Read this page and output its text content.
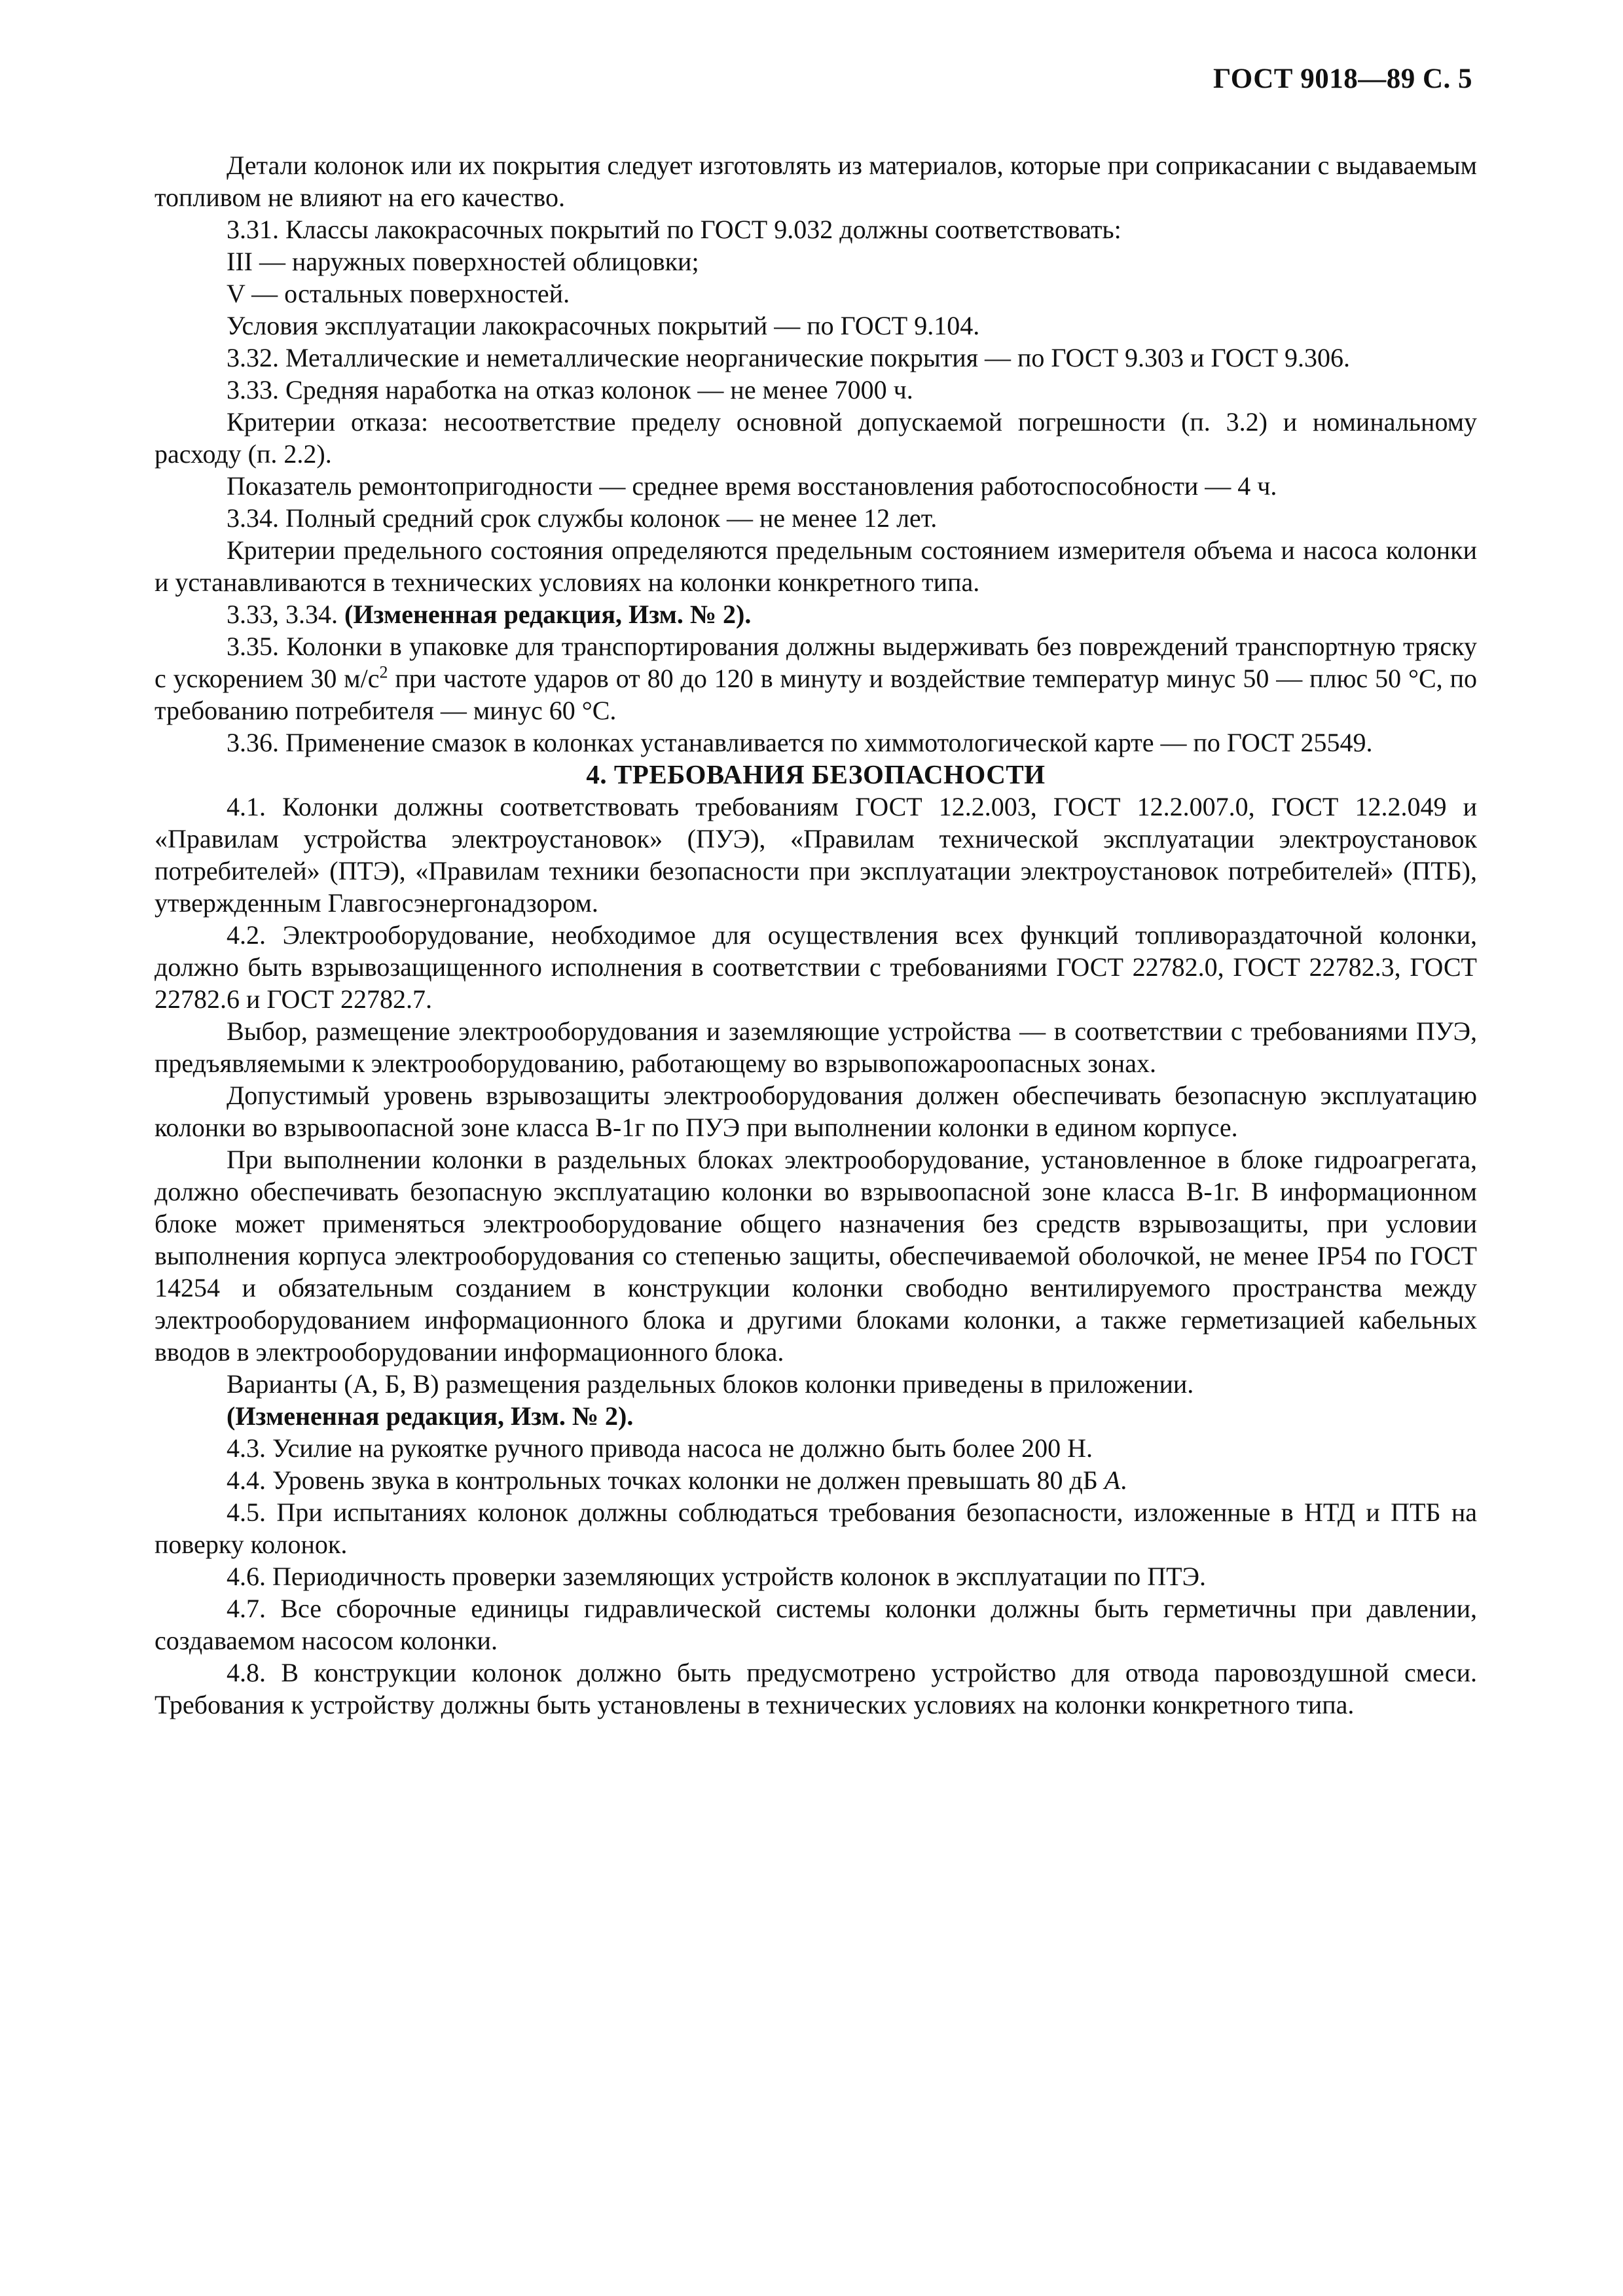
ГОСТ 9018—89 С. 5

Детали колонок или их покрытия следует изготовлять из материалов, которые при соприкасании с выдаваемым топливом не влияют на его качество.

3.31. Классы лакокрасочных покрытий по ГОСТ 9.032 должны соответствовать:

III — наружных поверхностей облицовки;

V — остальных поверхностей.

Условия эксплуатации лакокрасочных покрытий — по ГОСТ 9.104.

3.32. Металлические и неметаллические неорганические покрытия — по ГОСТ 9.303 и ГОСТ 9.306.

3.33. Средняя наработка на отказ колонок — не менее 7000 ч.

Критерии отказа: несоответствие пределу основной допускаемой погрешности (п. 3.2) и номинальному расходу (п. 2.2).

Показатель ремонтопригодности — среднее время восстановления работоспособности — 4 ч.

3.34. Полный средний срок службы колонок — не менее 12 лет.

Критерии предельного состояния определяются предельным состоянием измерителя объема и насоса колонки и устанавливаются в технических условиях на колонки конкретного типа.

3.33, 3.34. (Измененная редакция, Изм. № 2).

3.35. Колонки в упаковке для транспортирования должны выдерживать без повреждений транспортную тряску с ускорением 30 $м/с^2$ при частоте ударов от 80 до 120 в минуту и воздействие температур минус 50 — плюс 50 °С, по требованию потребителя — минус 60 °С.

3.36. Применение смазок в колонках устанавливается по химмотологической карте — по ГОСТ 25549.

4. ТРЕБОВАНИЯ БЕЗОПАСНОСТИ

4.1. Колонки должны соответствовать требованиям ГОСТ 12.2.003, ГОСТ 12.2.007.0, ГОСТ 12.2.049 и «Правилам устройства электроустановок» (ПУЭ), «Правилам технической эксплуатации электроустановок потребителей» (ПТЭ), «Правилам техники безопасности при эксплуатации электроустановок потребителей» (ПТБ), утвержденным Главгосэнергонадзором.

4.2. Электрооборудование, необходимое для осуществления всех функций топливораздаточной колонки, должно быть взрывозащищенного исполнения в соответствии с требованиями ГОСТ 22782.0, ГОСТ 22782.3, ГОСТ 22782.6 и ГОСТ 22782.7.

Выбор, размещение электрооборудования и заземляющие устройства — в соответствии с требованиями ПУЭ, предъявляемыми к электрооборудованию, работающему во взрывопожароопасных зонах.

Допустимый уровень взрывозащиты электрооборудования должен обеспечивать безопасную эксплуатацию колонки во взрывоопасной зоне класса В-1г по ПУЭ при выполнении колонки в едином корпусе.

При выполнении колонки в раздельных блоках электрооборудование, установленное в блоке гидроагрегата, должно обеспечивать безопасную эксплуатацию колонки во взрывоопасной зоне класса В-1г. В информационном блоке может применяться электрооборудование общего назначения без средств взрывозащиты, при условии выполнения корпуса электрооборудования со степенью защиты, обеспечиваемой оболочкой, не менее IP54 по ГОСТ 14254 и обязательным созданием в конструкции колонки свободно вентилируемого пространства между электрооборудованием информационного блока и другими блоками колонки, а также герметизацией кабельных вводов в электрооборудовании информационного блока.

Варианты (А, Б, В) размещения раздельных блоков колонки приведены в приложении.

(Измененная редакция, Изм. № 2).

4.3. Усилие на рукоятке ручного привода насоса не должно быть более 200 Н.

4.4. Уровень звука в контрольных точках колонки не должен превышать 80 дБ А.

4.5. При испытаниях колонок должны соблюдаться требования безопасности, изложенные в НТД и ПТБ на поверку колонок.

4.6. Периодичность проверки заземляющих устройств колонок в эксплуатации по ПТЭ.

4.7. Все сборочные единицы гидравлической системы колонки должны быть герметичны при давлении, создаваемом насосом колонки.

4.8. В конструкции колонок должно быть предусмотрено устройство для отвода паровоздушной смеси. Требования к устройству должны быть установлены в технических условиях на колонки конкретного типа.
